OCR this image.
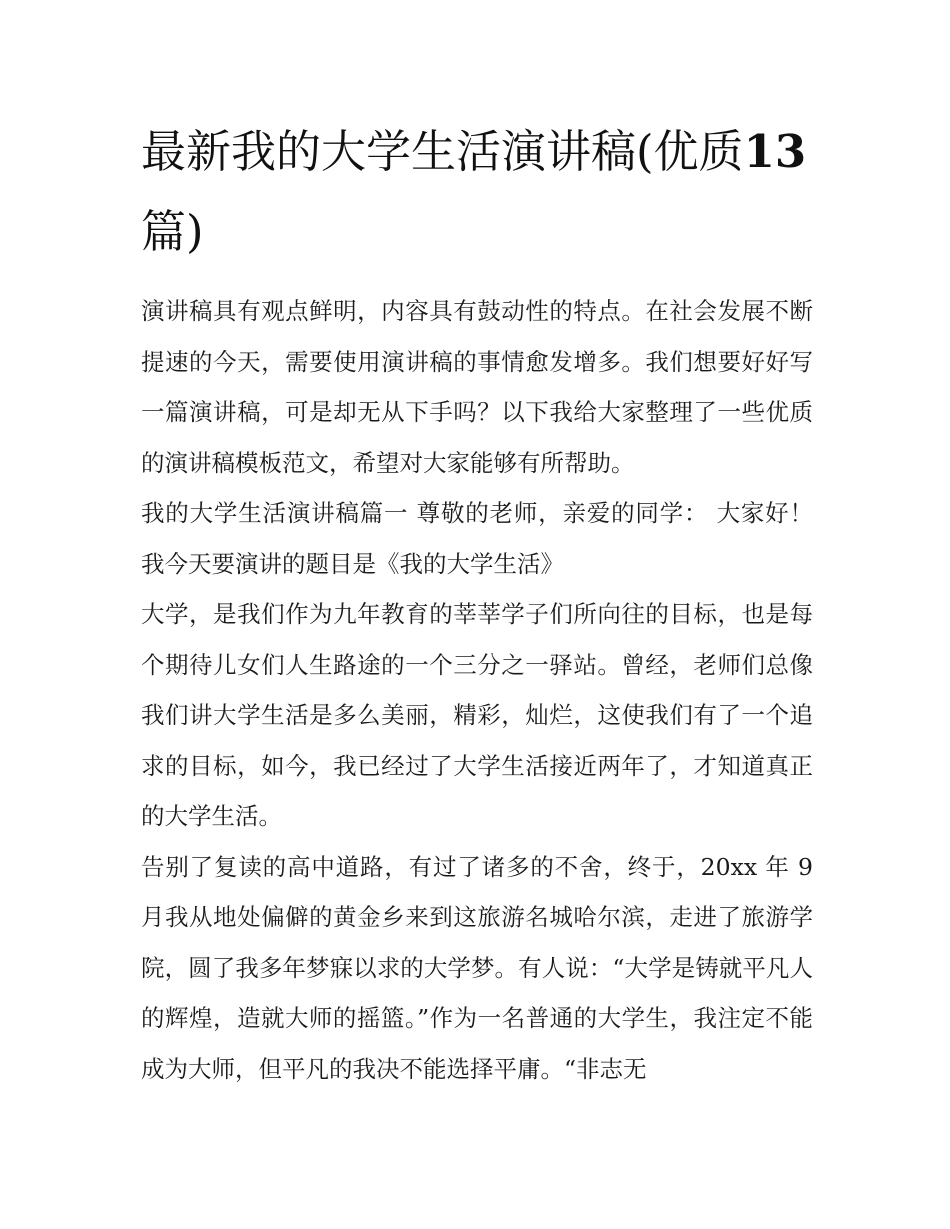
最新我的大学生活演讲稿(优质13 篇)

演讲稿具有观点鲜明，内容具有鼓动性的特点。在社会发展不断提速的今天，需要使用演讲稿的事情愈发增多。我们想要好好写一篇演讲稿，可是却无从下手吗？以下我给大家整理了一些优质的演讲稿模板范文，希望对大家能够有所帮助。

我的大学生活演讲稿篇一 尊敬的老师，亲爱的同学： 大家好！我今天要演讲的题目是《我的大学生活》

大学，是我们作为九年教育的莘莘学子们所向往的目标，也是每个期待儿女们人生路途的一个三分之一驿站。曾经，老师们总像我们讲大学生活是多么美丽，精彩，灿烂，这使我们有了一个追求的目标，如今，我已经过了大学生活接近两年了，才知道真正的大学生活。

告别了复读的高中道路，有过了诸多的不舍，终于，20xx 年 9 月我从地处偏僻的黄金乡来到这旅游名城哈尔滨，走进了旅游学院，圆了我多年梦寐以求的大学梦。有人说：“大学是铸就平凡人的辉煌，造就大师的摇篮。”作为一名普通的大学生，我注定不能成为大师，但平凡的我决不能选择平庸。“非志无
